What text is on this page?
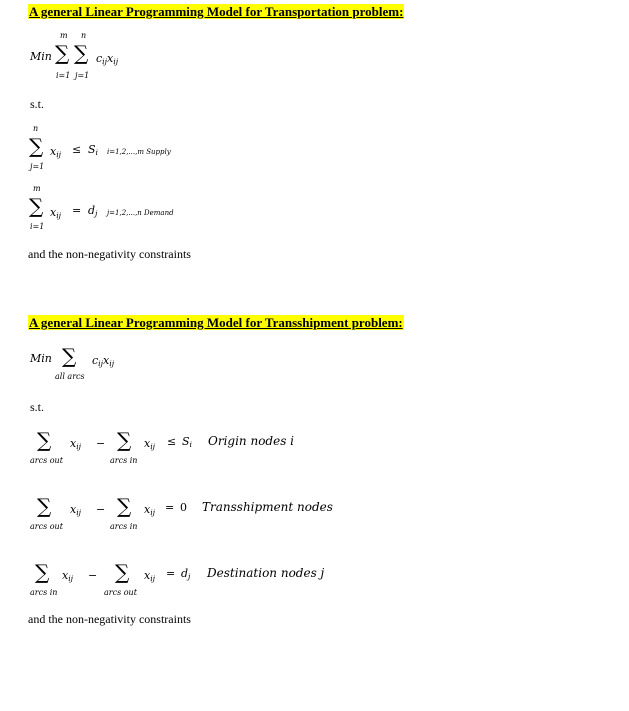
A general Linear Programming Model for Transportation problem:
Min
m
∑
i=1
n
∑
j=1
$c_{ij}x_{ij}$
s.t.
n
∑
j=1
$x_{ij} \le S_i$ i=1,2,...,m Supply
m
∑
i=1
$x_{ij} = d_j$ j=1,2,...,n Demand
and the non-negativity constraints
A general Linear Programming Model for Transshipment problem:
Min ∑
all arcs
$c_{ij}x_{ij}$
s.t.
∑
arcs out
$x_{ij}$ − ∑
arcs in
$x_{ij} \le S_i$ Origin nodes i
∑
arcs out
$x_{ij}$ − ∑
arcs in
$x_{ij} = 0$ Transshipment nodes
∑
arcs in
$x_{ij}$ − ∑
arcs out
$x_{ij} = d_j$ Destination nodes j
and the non-negativity constraints
